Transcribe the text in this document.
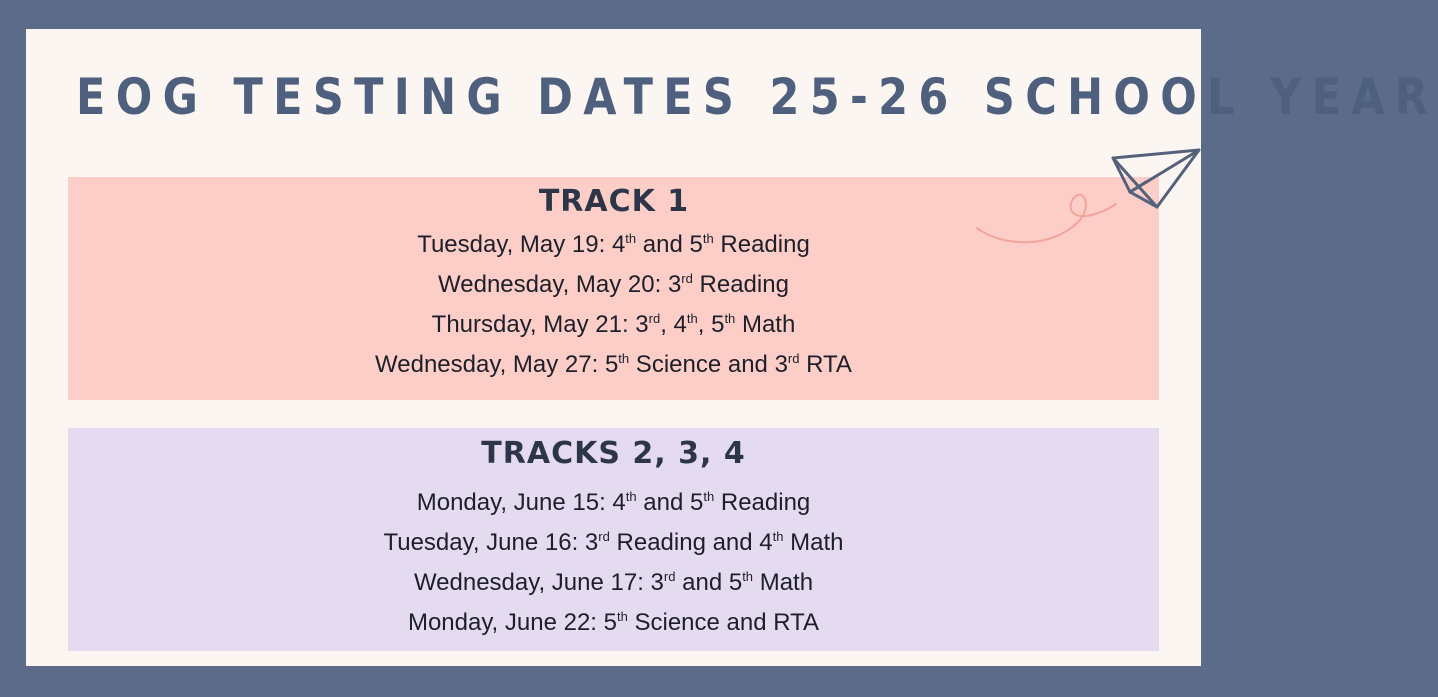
EOG TESTING DATES 25-26 SCHOOL YEAR
TRACK 1
Tuesday, May 19: 4th and 5th Reading
Wednesday, May 20: 3rd Reading
Thursday, May 21: 3rd, 4th, 5th Math
Wednesday, May 27: 5th Science and 3rd RTA
TRACKS 2, 3, 4
Monday, June 15: 4th and 5th Reading
Tuesday, June 16: 3rd Reading and 4th Math
Wednesday, June 17: 3rd and 5th Math
Monday, June 22: 5th Science and RTA
